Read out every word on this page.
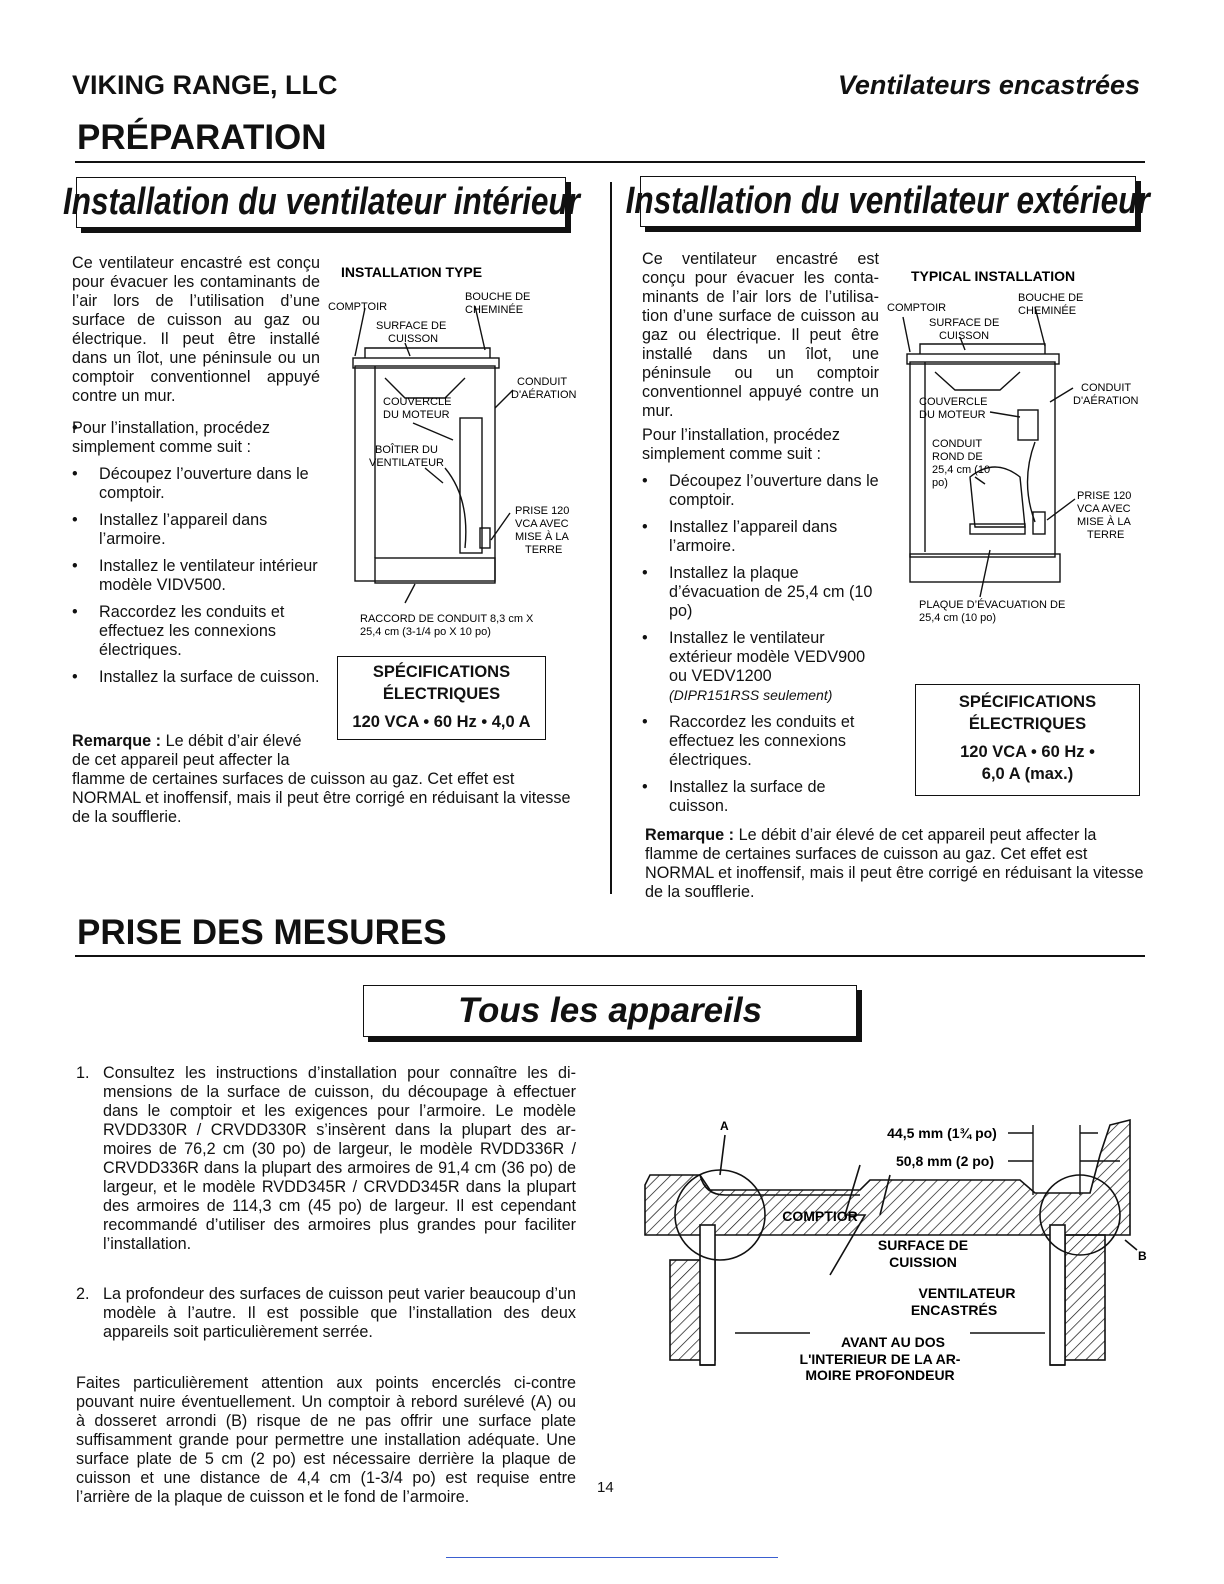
VIKING RANGE, LLC	Ventilateurs encastrées
PRÉPARATION
Installation du ventilateur intérieur Installation du ventilateur extérieur
Ce ventilateur encastré est conçu pour évacuer les contaminants de l’air lors de l’utilisation d’une surface de cuisson au gaz ou électrique. Il peut être installé dans un îlot, une péninsule ou un comptoir conventionnel appuyé contre un mur.
• Pour l’installation, procédez simplement comme suit :
• Découpez l’ouverture dans le comptoir.
• Installez l’appareil dans l’armoire.
• Installez le ventilateur intérieur modèle VIDV500.
• Raccordez les conduits et effectuez les connexions électriques.
• Installez la surface de cuisson.
Remarque : Le débit d’air élevé de cet appareil peut affecter la
flamme de certaines surfaces de cuisson au gaz. Cet effet est NORMAL et inoffensif, mais il peut être corrigé en réduisant la vitesse de la soufflerie.
INSTALLATION TYPE
COMPTOIR
BOUCHE DE
CHEMINÉE
SURFACE DE
CUISSON
CONDUIT
D'AÉRATION
COUVERCLE
DU MOTEUR
BOÎTIER DU
VENTILATEUR
PRISE 120
VCA AVEC
MISE À LA
TERRE
RACCORD DE CONDUIT 8,3 cm X
25,4 cm (3-1/4 po X 10 po)
SPÉCIFICATIONS
ÉLECTRIQUES
120 VCA • 60 Hz • 4,0 A
Ce ventilateur encastré est conçu pour évacuer les contaminants de l’air lors de l’utilisation d’une surface de cuisson au gaz ou électrique. Il peut être installé dans un îlot, une péninsule ou un comptoir conventionnel appuyé contre un mur.
Pour l’installation, procédez simplement comme suit :
• Découpez l’ouverture dans le comptoir.
• Installez l’appareil dans l’armoire.
• Installez la plaque d’évacuation de 25,4 cm (10 po)
• Installez le ventilateur extérieur modèle VEDV900 ou VEDV1200
(DIPR151RSS seulement)
• Raccordez les conduits et effectuez les connexions électriques.
• Installez la surface de cuisson.
Remarque : Le débit d’air élevé de cet appareil peut affecter la flamme de certaines surfaces de cuisson au gaz. Cet effet est NORMAL et inoffensif, mais il peut être corrigé en réduisant la vitesse de la soufflerie.
TYPICAL INSTALLATION
COMPTOIR
BOUCHE DE
CHEMINÉE
SURFACE DE
CUISSON
CONDUIT
D'AÉRATION
COUVERCLE
DU MOTEUR
CONDUIT
ROND DE
25,4 cm (10
po)
PRISE 120
VCA AVEC
MISE À LA
TERRE
PLAQUE D’ÉVACUATION DE
25,4 cm (10 po)
SPÉCIFICATIONS
ÉLECTRIQUES
120 VCA • 60 Hz •
6,0 A (max.)
PRISE DES MESURES
Tous les appareils
1. Consultez les instructions d’installation pour connaître les dimensions de la surface de cuisson, du découpage à effectuer dans le comptoir et les exigences pour l’armoire. Le modèle RVDD330R / CRVDD330R s’insèrent dans la plupart des armoires de 76,2 cm (30 po) de largeur, le modèle RVDD336R / CRVDD336R dans la plupart des armoires de 91,4 cm (36 po) de largeur, et le modèle RVDD345R / CRVDD345R dans la plupart des armoires de 114,3 cm (45 po) de largeur. Il est cependant recommandé d’utiliser des armoires plus grandes pour faciliter l’installation.
2. La profondeur des surfaces de cuisson peut varier beaucoup d’un modèle à l’autre. Il est possible que l’installation des deux appareils soit particulièrement serrée.
Faites particulièrement attention aux points encerclés ci-contre pouvant nuire éventuellement. Un comptoir à rebord surélevé (A) ou à dosseret arrondi (B) risque de ne pas offrir une surface plate suffisamment grande pour permettre une installation adéquate. Une surface plate de 5 cm (2 po) est nécessaire derrière la plaque de cuisson et une distance de 4,4 cm (1-3/4 po) est requise entre l’arrière de la plaque de cuisson et le fond de l’armoire.
A
B
44,5 mm (1¾ po)
50,8 mm (2 po)
COMPTIOR
SURFACE DE
CUISSION
VENTILATEUR
ENCASTRÉS
AVANT AU DOS
L'INTERIEUR DE LA AR-
MOIRE PROFONDEUR
14
